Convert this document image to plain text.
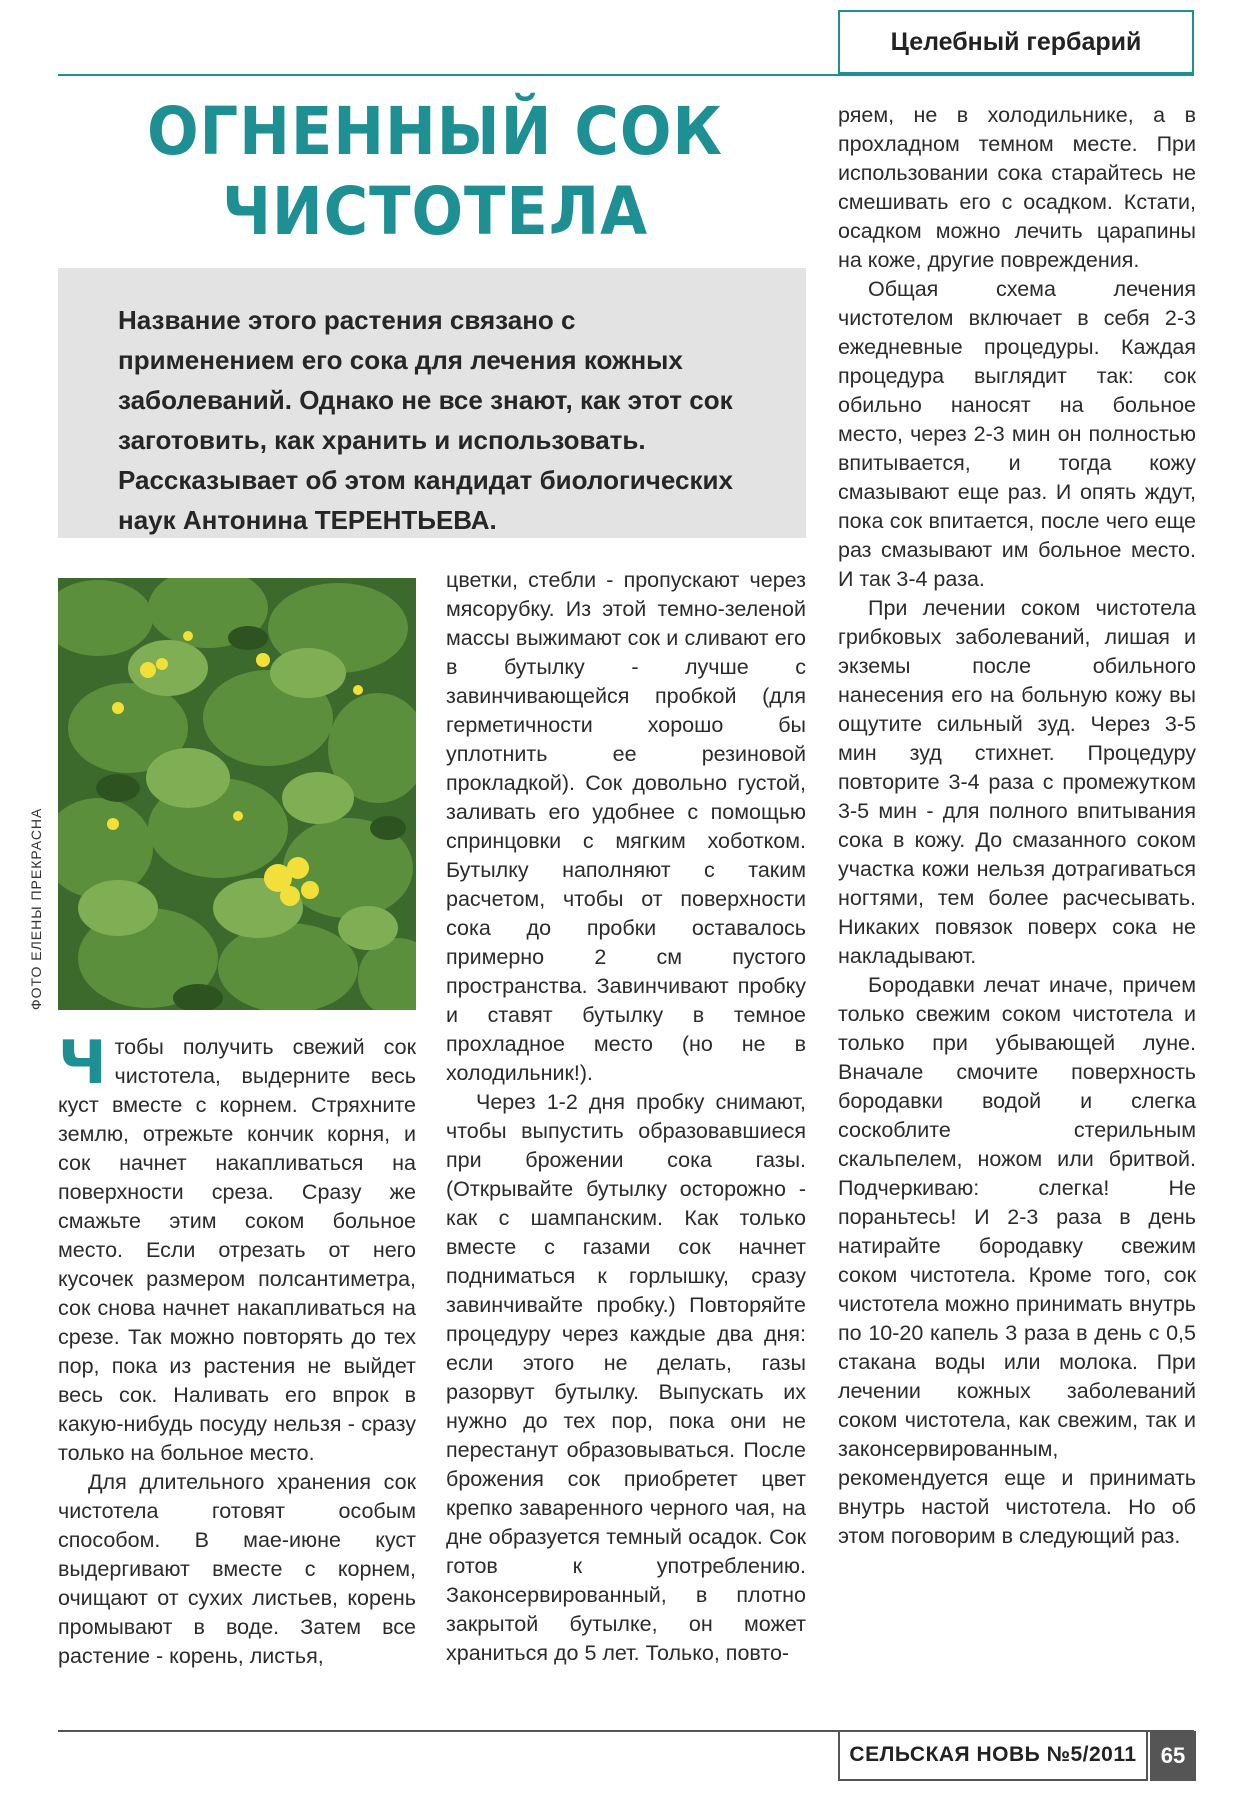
Целебный гербарий
ОГНЕННЫЙ СОК
ЧИСТОТЕЛА
Название этого растения связано с применением его сока для лечения кожных заболеваний. Однако не все знают, как этот сок заготовить, как хранить и использовать. Рассказывает об этом кандидат биологических наук Антонина ТЕРЕНТЬЕВА.
ФОТО ЕЛЕНЫ ПРЕКРАСНА

Чтобы получить свежий сок чистотела, выдерните весь куст вместе с корнем. Стряхните землю, отрежьте кончик корня, и сок начнет накапливаться на поверхности среза. Сразу же смажьте этим соком больное место. Если отрезать от него кусочек размером полсантиметра, сок снова начнет накапливаться на срезе. Так можно повторять до тех пор, пока из растения не выйдет весь сок. Наливать его впрок в какую-нибудь посуду нельзя - сразу только на больное место.

Для длительного хранения сок чистотела готовят особым способом. В мае-июне куст выдергивают вместе с корнем, очищают от сухих листьев, корень промывают в воде. Затем все растение - корень, листья,

цветки, стебли - пропускают через мясорубку. Из этой темно-зеленой массы выжимают сок и сливают его в бутылку - лучше с завинчивающейся пробкой (для герметичности хорошо бы уплотнить ее резиновой прокладкой). Сок довольно густой, заливать его удобнее с помощью спринцовки с мягким хоботком. Бутылку наполняют с таким расчетом, чтобы от поверхности сока до пробки оставалось примерно 2 см пустого пространства. Завинчивают пробку и ставят бутылку в темное прохладное место (но не в холодильник!).

Через 1-2 дня пробку снимают, чтобы выпустить образовавшиеся при брожении сока газы. (Открывайте бутылку осторожно - как с шампанским. Как только вместе с газами сок начнет подниматься к горлышку, сразу завинчивайте пробку.) Повторяйте процедуру через каждые два дня: если этого не делать, газы разорвут бутылку. Выпускать их нужно до тех пор, пока они не перестанут образовываться. После брожения сок приобретет цвет крепко заваренного черного чая, на дне образуется темный осадок. Сок готов к употреблению. Законсервированный, в плотно закрытой бутылке, он может храниться до 5 лет. Только, повто-

ряем, не в холодильнике, а в прохладном темном месте. При использовании сока старайтесь не смешивать его с осадком. Кстати, осадком можно лечить царапины на коже, другие повреждения.

Общая схема лечения чистотелом включает в себя 2-3 ежедневные процедуры. Каждая процедура выглядит так: сок обильно наносят на больное место, через 2-3 мин он полностью впитывается, и тогда кожу смазывают еще раз. И опять ждут, пока сок впитается, после чего еще раз смазывают им больное место. И так 3-4 раза.

При лечении соком чистотела грибковых заболеваний, лишая и экземы после обильного нанесения его на больную кожу вы ощутите сильный зуд. Через 3-5 мин зуд стихнет. Процедуру повторите 3-4 раза с промежутком 3-5 мин - для полного впитывания сока в кожу. До смазанного соком участка кожи нельзя дотрагиваться ногтями, тем более расчесывать. Никаких повязок поверх сока не накладывают.

Бородавки лечат иначе, причем только свежим соком чистотела и только при убывающей луне. Вначале смочите поверхность бородавки водой и слегка соскоблите стерильным скальпелем, ножом или бритвой. Подчеркиваю: слегка! Не пораньтесь! И 2-3 раза в день натирайте бородавку свежим соком чистотела. Кроме того, сок чистотела можно принимать внутрь по 10-20 капель 3 раза в день с 0,5 стакана воды или молока. При лечении кожных заболеваний соком чистотела, как свежим, так и законсервированным, рекомендуется еще и принимать внутрь настой чистотела. Но об этом поговорим в следующий раз.

СЕЛЬСКАЯ НОВЬ №5/2011	65
